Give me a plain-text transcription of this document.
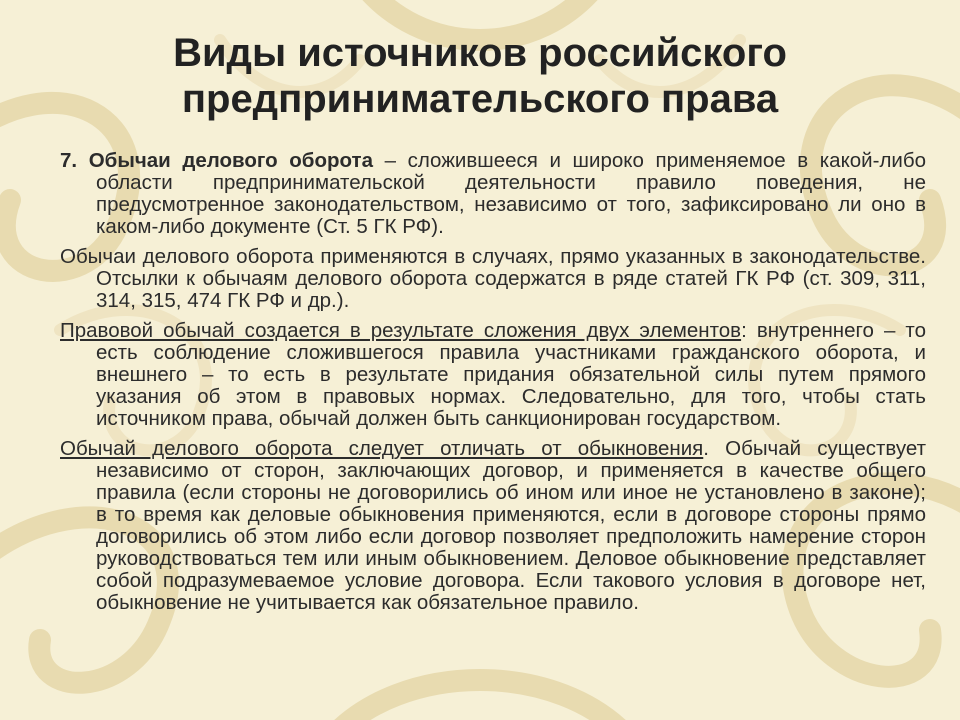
Виды источников российского
предпринимательского права

7. Обычаи делового оборота – сложившееся и широко применяемое в какой-либо области предпринимательской деятельности правило поведения, не предусмотренное законодательством, независимо от того, зафиксировано ли оно в каком-либо документе (Ст. 5 ГК РФ).

Обычаи делового оборота применяются в случаях, прямо указанных в законодательстве. Отсылки к обычаям делового оборота содержатся в ряде статей ГК РФ (ст. 309, 311, 314, 315, 474 ГК РФ и др.).

Правовой обычай создается в результате сложения двух элементов: внутреннего – то есть соблюдение сложившегося правила участниками гражданского оборота, и внешнего – то есть в результате придания обязательной силы путем прямого указания об этом в правовых нормах. Следовательно, для того, чтобы стать источником права, обычай должен быть санкционирован государством.

Обычай делового оборота следует отличать от обыкновения. Обычай существует независимо от сторон, заключающих договор, и применяется в качестве общего правила (если стороны не договорились об ином или иное не установлено в законе); в то время как деловые обыкновения применяются, если в договоре стороны прямо договорились об этом либо если договор позволяет предположить намерение сторон руководствоваться тем или иным обыкновением. Деловое обыкновение представляет собой подразумеваемое условие договора. Если такового условия в договоре нет, обыкновение не учитывается как обязательное правило.
